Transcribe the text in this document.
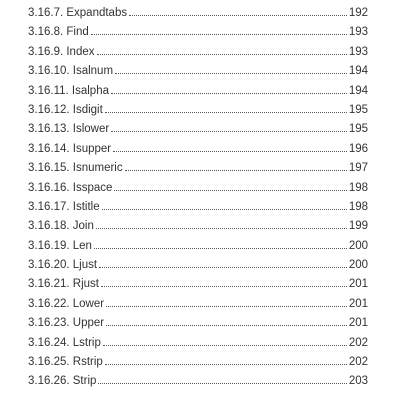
3.16.7. Expandtabs	192
3.16.8. Find	193
3.16.9. Index	193
3.16.10. Isalnum	194
3.16.11. Isalpha	194
3.16.12. Isdigit	195
3.16.13. Islower	195
3.16.14. Isupper	196
3.16.15. Isnumeric	197
3.16.16. Isspace	198
3.16.17. Istitle	198
3.16.18. Join	199
3.16.19. Len	200
3.16.20. Ljust	200
3.16.21. Rjust	201
3.16.22. Lower	201
3.16.23. Upper	201
3.16.24. Lstrip	202
3.16.25. Rstrip	202
3.16.26. Strip	203
